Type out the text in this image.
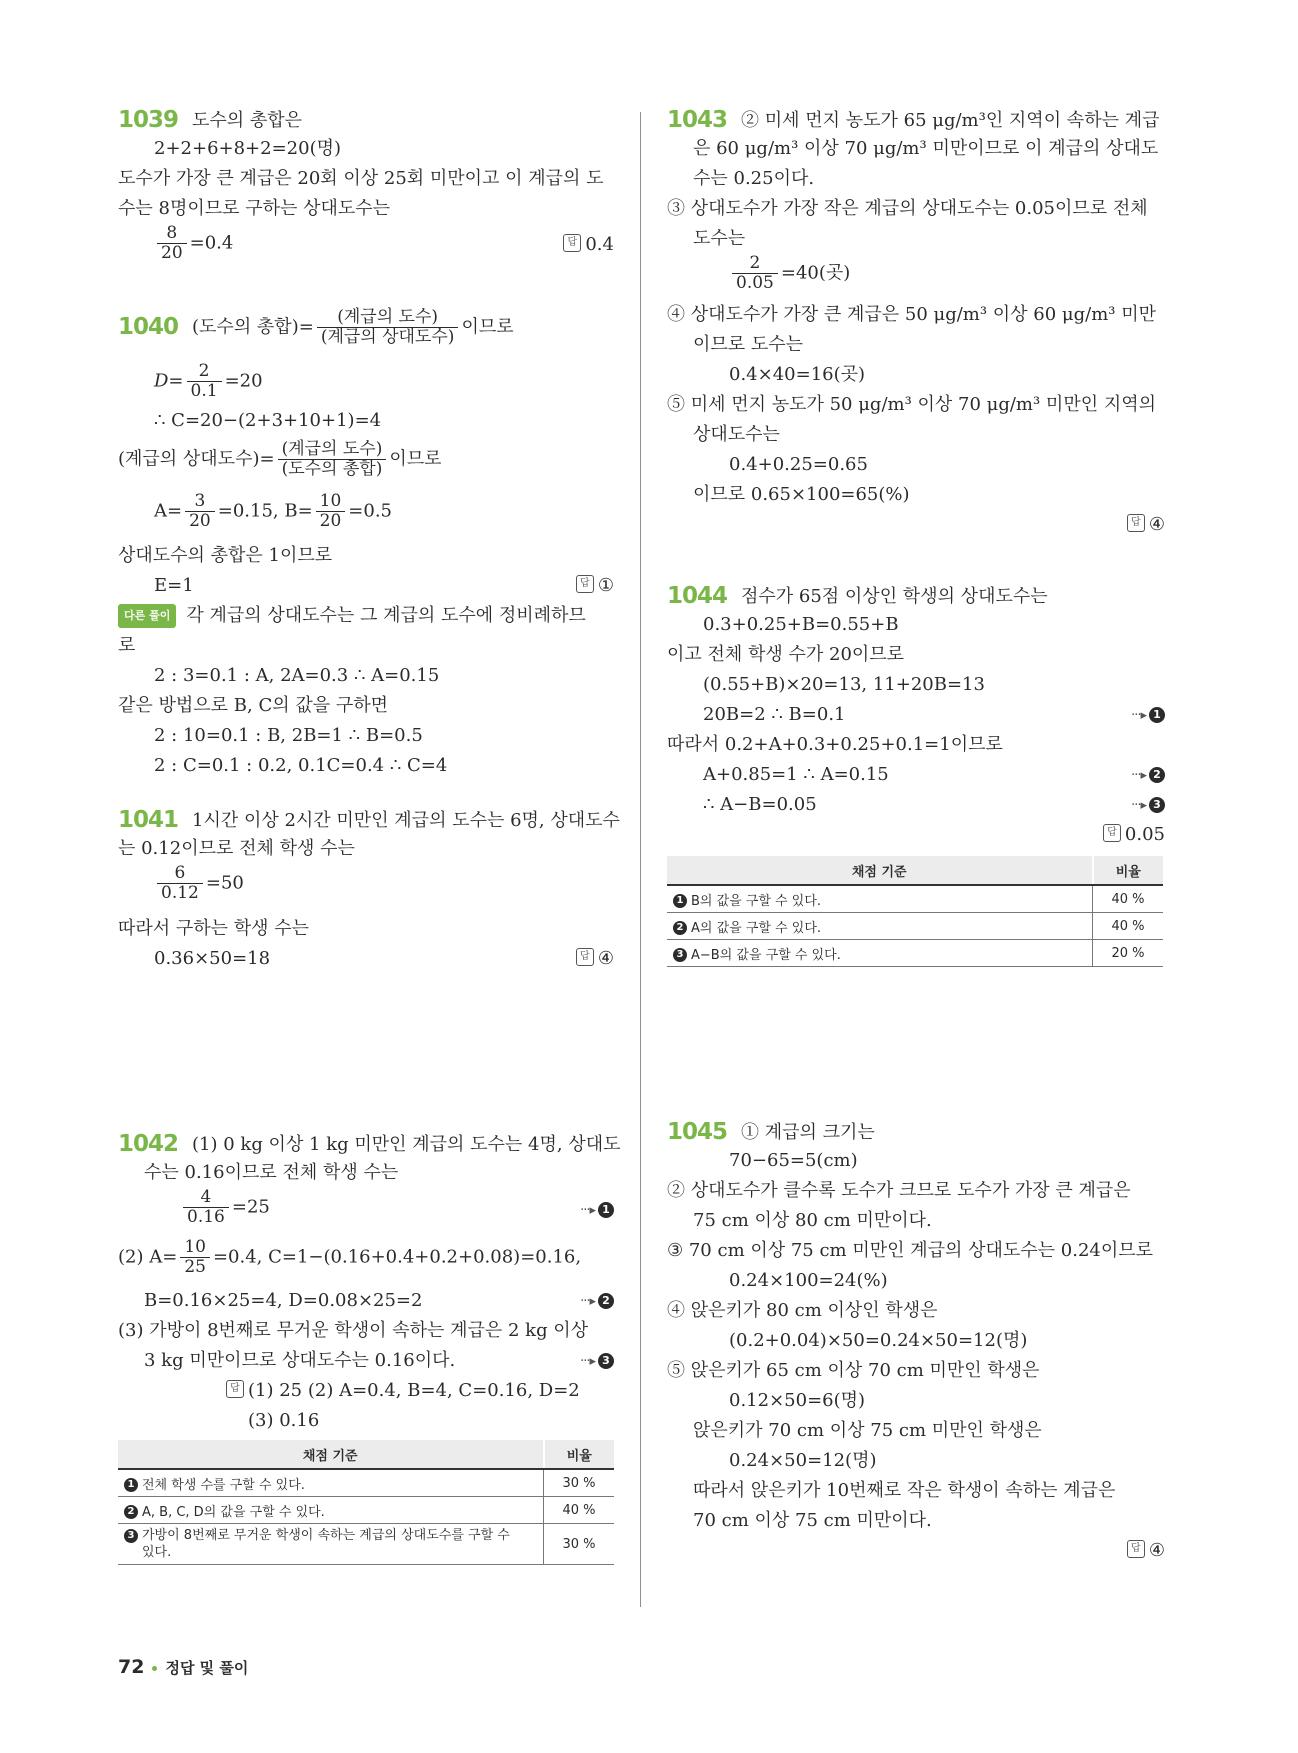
1039 도수의 총합은
2+2+6+8+2=20(명)
도수가 가장 큰 계급은 20회 이상 25회 미만이고 이 계급의 도
수는 8명이므로 구하는 상대도수는
$\frac{8}{20} =0.4$	답 0.4
1040 (도수의 총합)= $\frac{\text{(계급의 도수)}}{\text{(계급의 상대도수)}}$ 이므로
$D= \frac{2}{0.1} =20$
∴ C=20−(2+3+10+1)=4
(계급의 상대도수)= $\frac{\text{(계급의 도수)}}{\text{(도수의 총합)}}$ 이므로
$A= \frac{3}{20} =0.15$, $B= \frac{10}{20} =0.5$
상대도수의 총합은 1이므로
E=1	답 ①
다른 풀이 각 계급의 상대도수는 그 계급의 도수에 정비례하므
로
2 : 3=0.1 : A, 2A=0.3 ∴ A=0.15
같은 방법으로 B, C의 값을 구하면
2 : 10=0.1 : B, 2B=1 ∴ B=0.5
2 : C=0.1 : 0.2, 0.1C=0.4 ∴ C=4
1041 1시간 이상 2시간 미만인 계급의 도수는 6명, 상대도수
는 0.12이므로 전체 학생 수는
$\frac{6}{0.12} =50$
따라서 구하는 학생 수는
0.36×50=18	답 ④
1042 (1) 0 kg 이상 1 kg 미만인 계급의 도수는 4명, 상대도
수는 0.16이므로 전체 학생 수는
$\frac{4}{0.16} =25$	···▸ 1
(2) $A= \frac{10}{25} =0.4$, C=1−(0.16+0.4+0.2+0.08)=0.16,
B=0.16×25=4, D=0.08×25=2	···▸ 2
(3) 가방이 8번째로 무거운 학생이 속하는 계급은 2 kg 이상
3 kg 미만이므로 상대도수는 0.16이다.	···▸ 3
답 (1) 25 (2) A=0.4, B=4, C=0.16, D=2
(3) 0.16
채점 기준	비율
1 전체 학생 수를 구할 수 있다.	30 %
2 A, B, C, D의 값을 구할 수 있다.	40 %
3 가방이 8번째로 무거운 학생이 속하는 계급의 상대도수를 구할 수
있다.	30 %
1043 ② 미세 먼지 농도가 65 μg/m³인 지역이 속하는 계급
은 60 μg/m³ 이상 70 μg/m³ 미만이므로 이 계급의 상대도
수는 0.25이다.
③ 상대도수가 가장 작은 계급의 상대도수는 0.05이므로 전체
도수는
$\frac{2}{0.05} =40$(곳)
④ 상대도수가 가장 큰 계급은 50 μg/m³ 이상 60 μg/m³ 미만
이므로 도수는
0.4×40=16(곳)
⑤ 미세 먼지 농도가 50 μg/m³ 이상 70 μg/m³ 미만인 지역의
상대도수는
0.4+0.25=0.65
이므로 0.65×100=65(%)
답 ④
1044 점수가 65점 이상인 학생의 상대도수는
0.3+0.25+B=0.55+B
이고 전체 학생 수가 20이므로
(0.55+B)×20=13, 11+20B=13
20B=2 ∴ B=0.1	···▸ 1
따라서 0.2+A+0.3+0.25+0.1=1이므로
A+0.85=1 ∴ A=0.15	···▸ 2
∴ A−B=0.05	···▸ 3
답 0.05
채점 기준	비율
1 B의 값을 구할 수 있다.	40 %
2 A의 값을 구할 수 있다.	40 %
3 A−B의 값을 구할 수 있다.	20 %
1045 ① 계급의 크기는
70−65=5(cm)
② 상대도수가 클수록 도수가 크므로 도수가 가장 큰 계급은
75 cm 이상 80 cm 미만이다.
③ 70 cm 이상 75 cm 미만인 계급의 상대도수는 0.24이므로
0.24×100=24(%)
④ 앉은키가 80 cm 이상인 학생은
(0.2+0.04)×50=0.24×50=12(명)
⑤ 앉은키가 65 cm 이상 70 cm 미만인 학생은
0.12×50=6(명)
앉은키가 70 cm 이상 75 cm 미만인 학생은
0.24×50=12(명)
따라서 앉은키가 10번째로 작은 학생이 속하는 계급은
70 cm 이상 75 cm 미만이다.
답 ④
72 정답 및 풀이
